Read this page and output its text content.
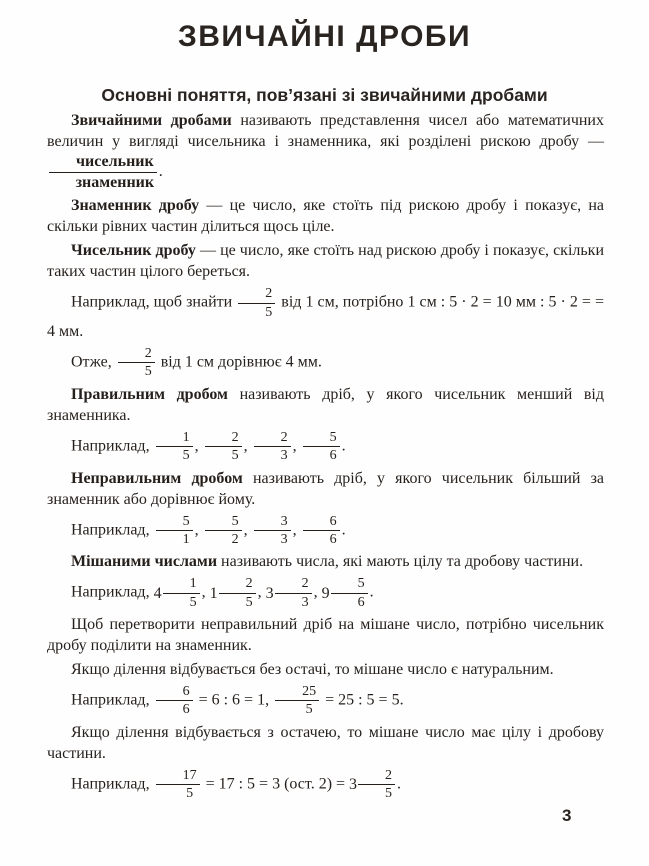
ЗВИЧАЙНІ ДРОБИ
Основні поняття, пов’язані зі звичайними дробами

Звичайними дробами називають представлення чисел або математичних величин у вигляді чисельника і знаменника, які розділені рискою дробу —
$\frac{\text{чисельник}}{\text{знаменник}}$ .

Знаменник дробу — це число, яке стоїть під рискою дробу і показує, на скільки рівних частин ділиться щось ціле.

Чисельник дробу — це число, яке стоїть над рискою дробу і показує, скільки таких частин цілого береться.

Наприклад, щоб знайти $\frac{2}{5}$ від 1 см, потрібно 1 см : 5 · 2 = 10 мм : 5 · 2 = = 4 мм.

Отже, $\frac{2}{5}$ від 1 см дорівнює 4 мм.

Правильним дробом називають дріб, у якого чисельник менший від знаменника.

Наприклад, $\frac{1}{5}$ , $\frac{2}{5}$ , $\frac{2}{3}$ , $\frac{5}{6}$ .

Неправильним дробом називають дріб, у якого чисельник більший за знаменник або дорівнює йому.

Наприклад, $\frac{5}{1}$ , $\frac{5}{2}$ , $\frac{3}{3}$ , $\frac{6}{6}$ .

Мішаними числами називають числа, які мають цілу та дробову частини.

Наприклад, $4 \frac{1}{5}$ , $1 \frac{2}{5}$ , $3 \frac{2}{3}$ , $9 \frac{5}{6}$ .

Щоб перетворити неправильний дріб на мішане число, потрібно чисельник дробу поділити на знаменник.

Якщо ділення відбувається без остачі, то мішане число є натуральним.

Наприклад, $\frac{6}{6} = 6$ : 6 = 1, $\frac{25}{5} = 25$ : 5 = 5.

Якщо ділення відбувається з остачею, то мішане число має цілу і дробову частини.

Наприклад, $\frac{17}{5} = 17$ : 5 = 3 (ост. $2) = 3 \frac{2}{5}$ .

3
